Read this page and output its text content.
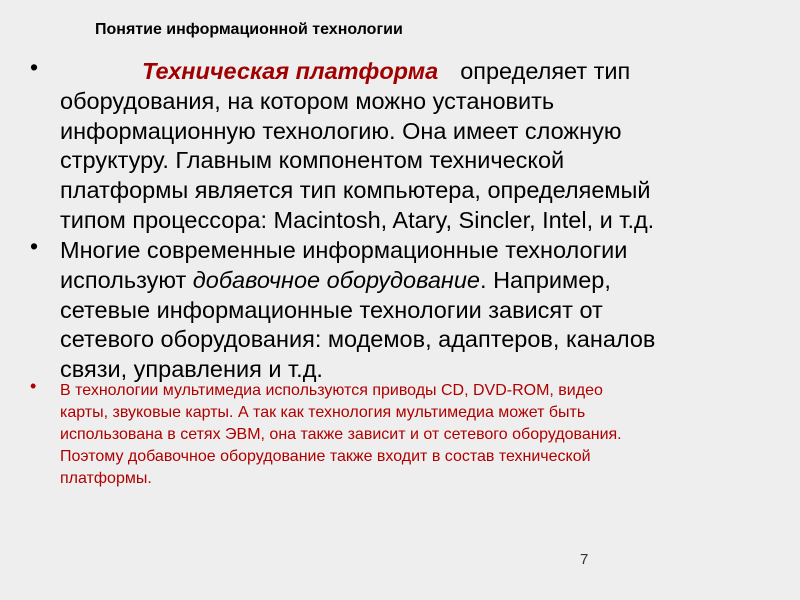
Понятие информационной технологии
•	Техническая платформа определяет тип
оборудования, на котором можно установить
информационную технологию. Она имеет сложную
структуру. Главным компонентом технической
платформы является тип компьютера, определяемый
типом процессора: Macintosh, Atary, Sincler, Intel, и т.д.
• Многие современные информационные технологии
используют добавочное оборудование. Например,
сетевые информационные технологии зависят от
сетевого оборудования: модемов, адаптеров, каналов
связи, управления и т.д.
• В технологии мультимедиа используются приводы CD, DVD-ROM, видео
карты, звуковые карты. А так как технология мультимедиа может быть
использована в сетях ЭВМ, она также зависит и от сетевого оборудования.
Поэтому добавочное оборудование также входит в состав технической
платформы.
7
